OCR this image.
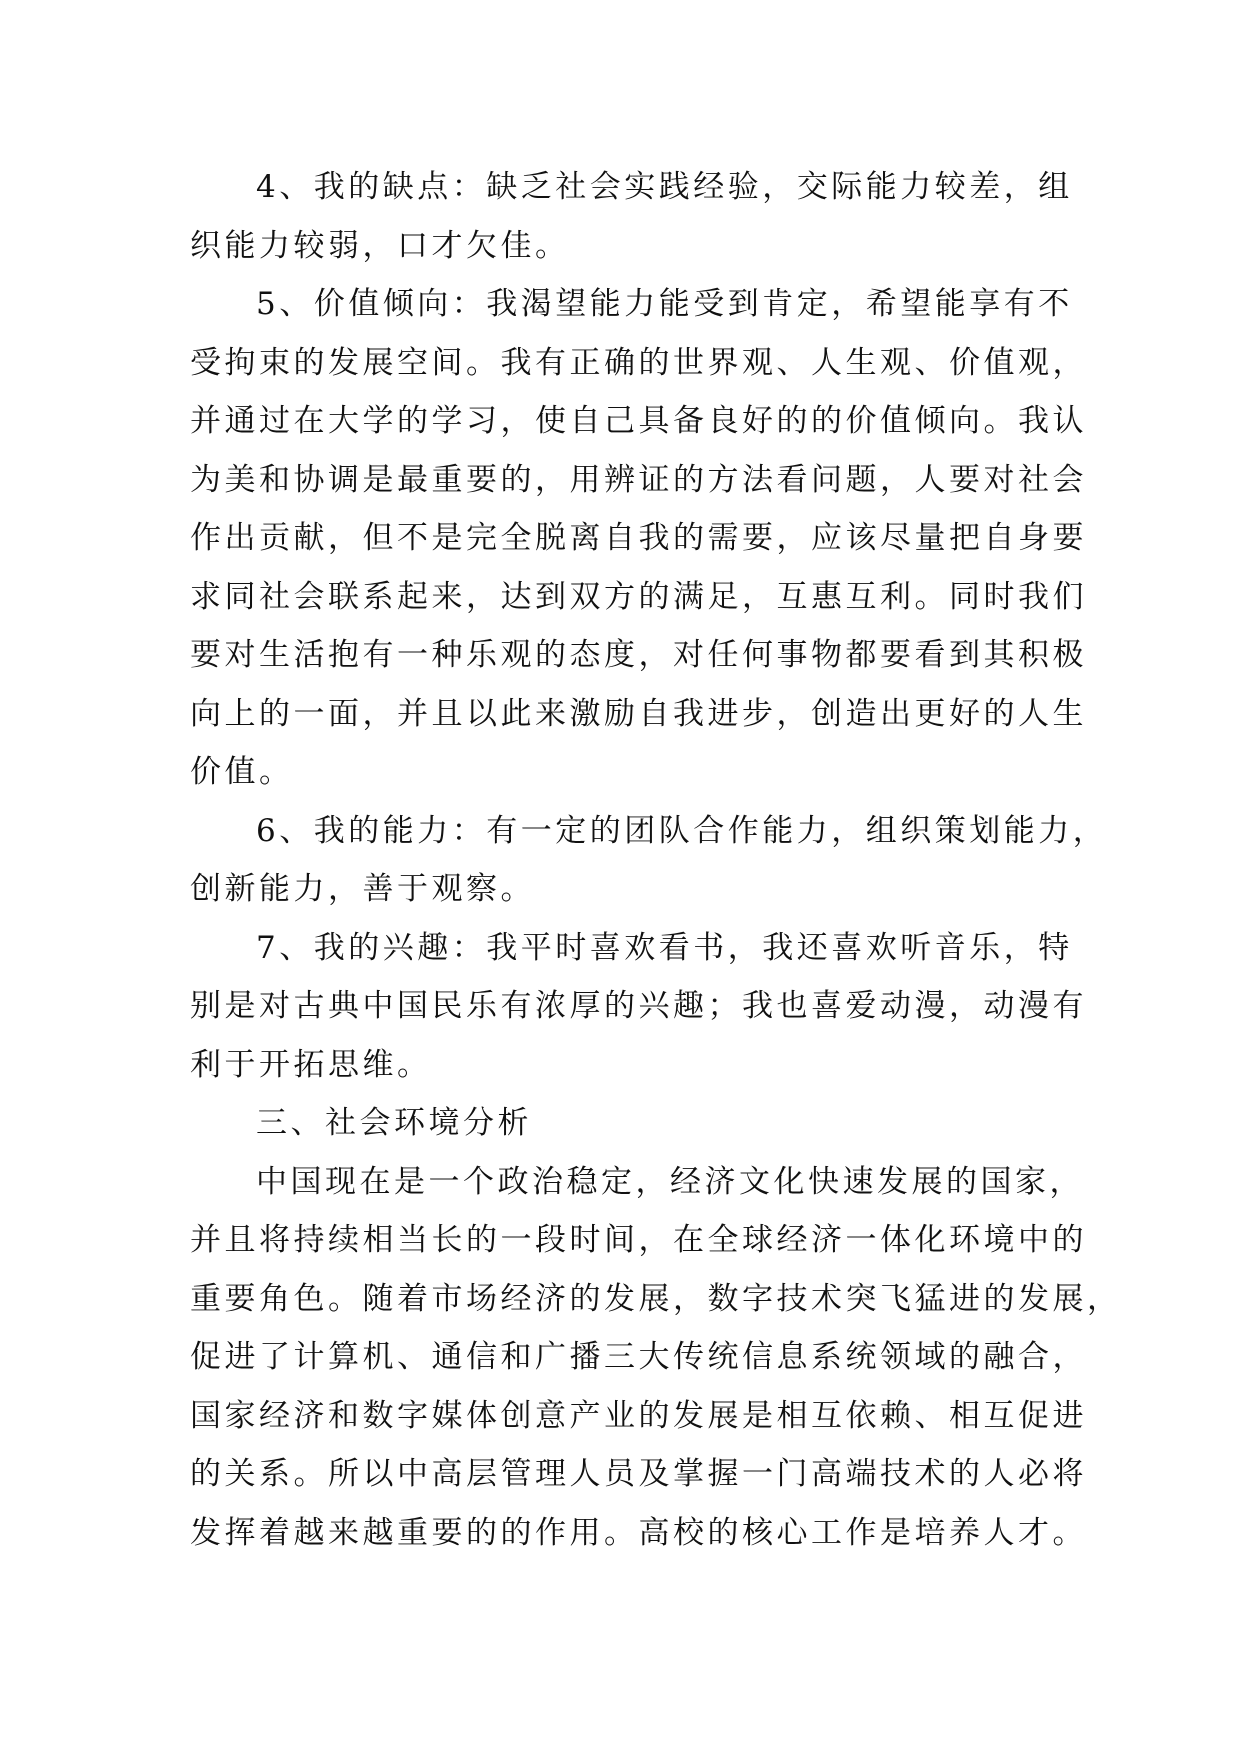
4、我的缺点：缺乏社会实践经验，交际能力较差，组
织能力较弱，口才欠佳。
5、价值倾向：我渴望能力能受到肯定，希望能享有不
受拘束的发展空间。我有正确的世界观、人生观、价值观，
并通过在大学的学习，使自己具备良好的的价值倾向。我认
为美和协调是最重要的，用辨证的方法看问题，人要对社会
作出贡献，但不是完全脱离自我的需要，应该尽量把自身要
求同社会联系起来，达到双方的满足，互惠互利。同时我们
要对生活抱有一种乐观的态度，对任何事物都要看到其积极
向上的一面，并且以此来激励自我进步，创造出更好的人生
价值。
6、我的能力：有一定的团队合作能力，组织策划能力，
创新能力，善于观察。
7、我的兴趣：我平时喜欢看书，我还喜欢听音乐，特
别是对古典中国民乐有浓厚的兴趣；我也喜爱动漫，动漫有
利于开拓思维。
三、社会环境分析
中国现在是一个政治稳定，经济文化快速发展的国家，
并且将持续相当长的一段时间，在全球经济一体化环境中的
重要角色。随着市场经济的发展，数字技术突飞猛进的发展，
促进了计算机、通信和广播三大传统信息系统领域的融合，
国家经济和数字媒体创意产业的发展是相互依赖、相互促进
的关系。所以中高层管理人员及掌握一门高端技术的人必将
发挥着越来越重要的的作用。高校的核心工作是培养人才。
